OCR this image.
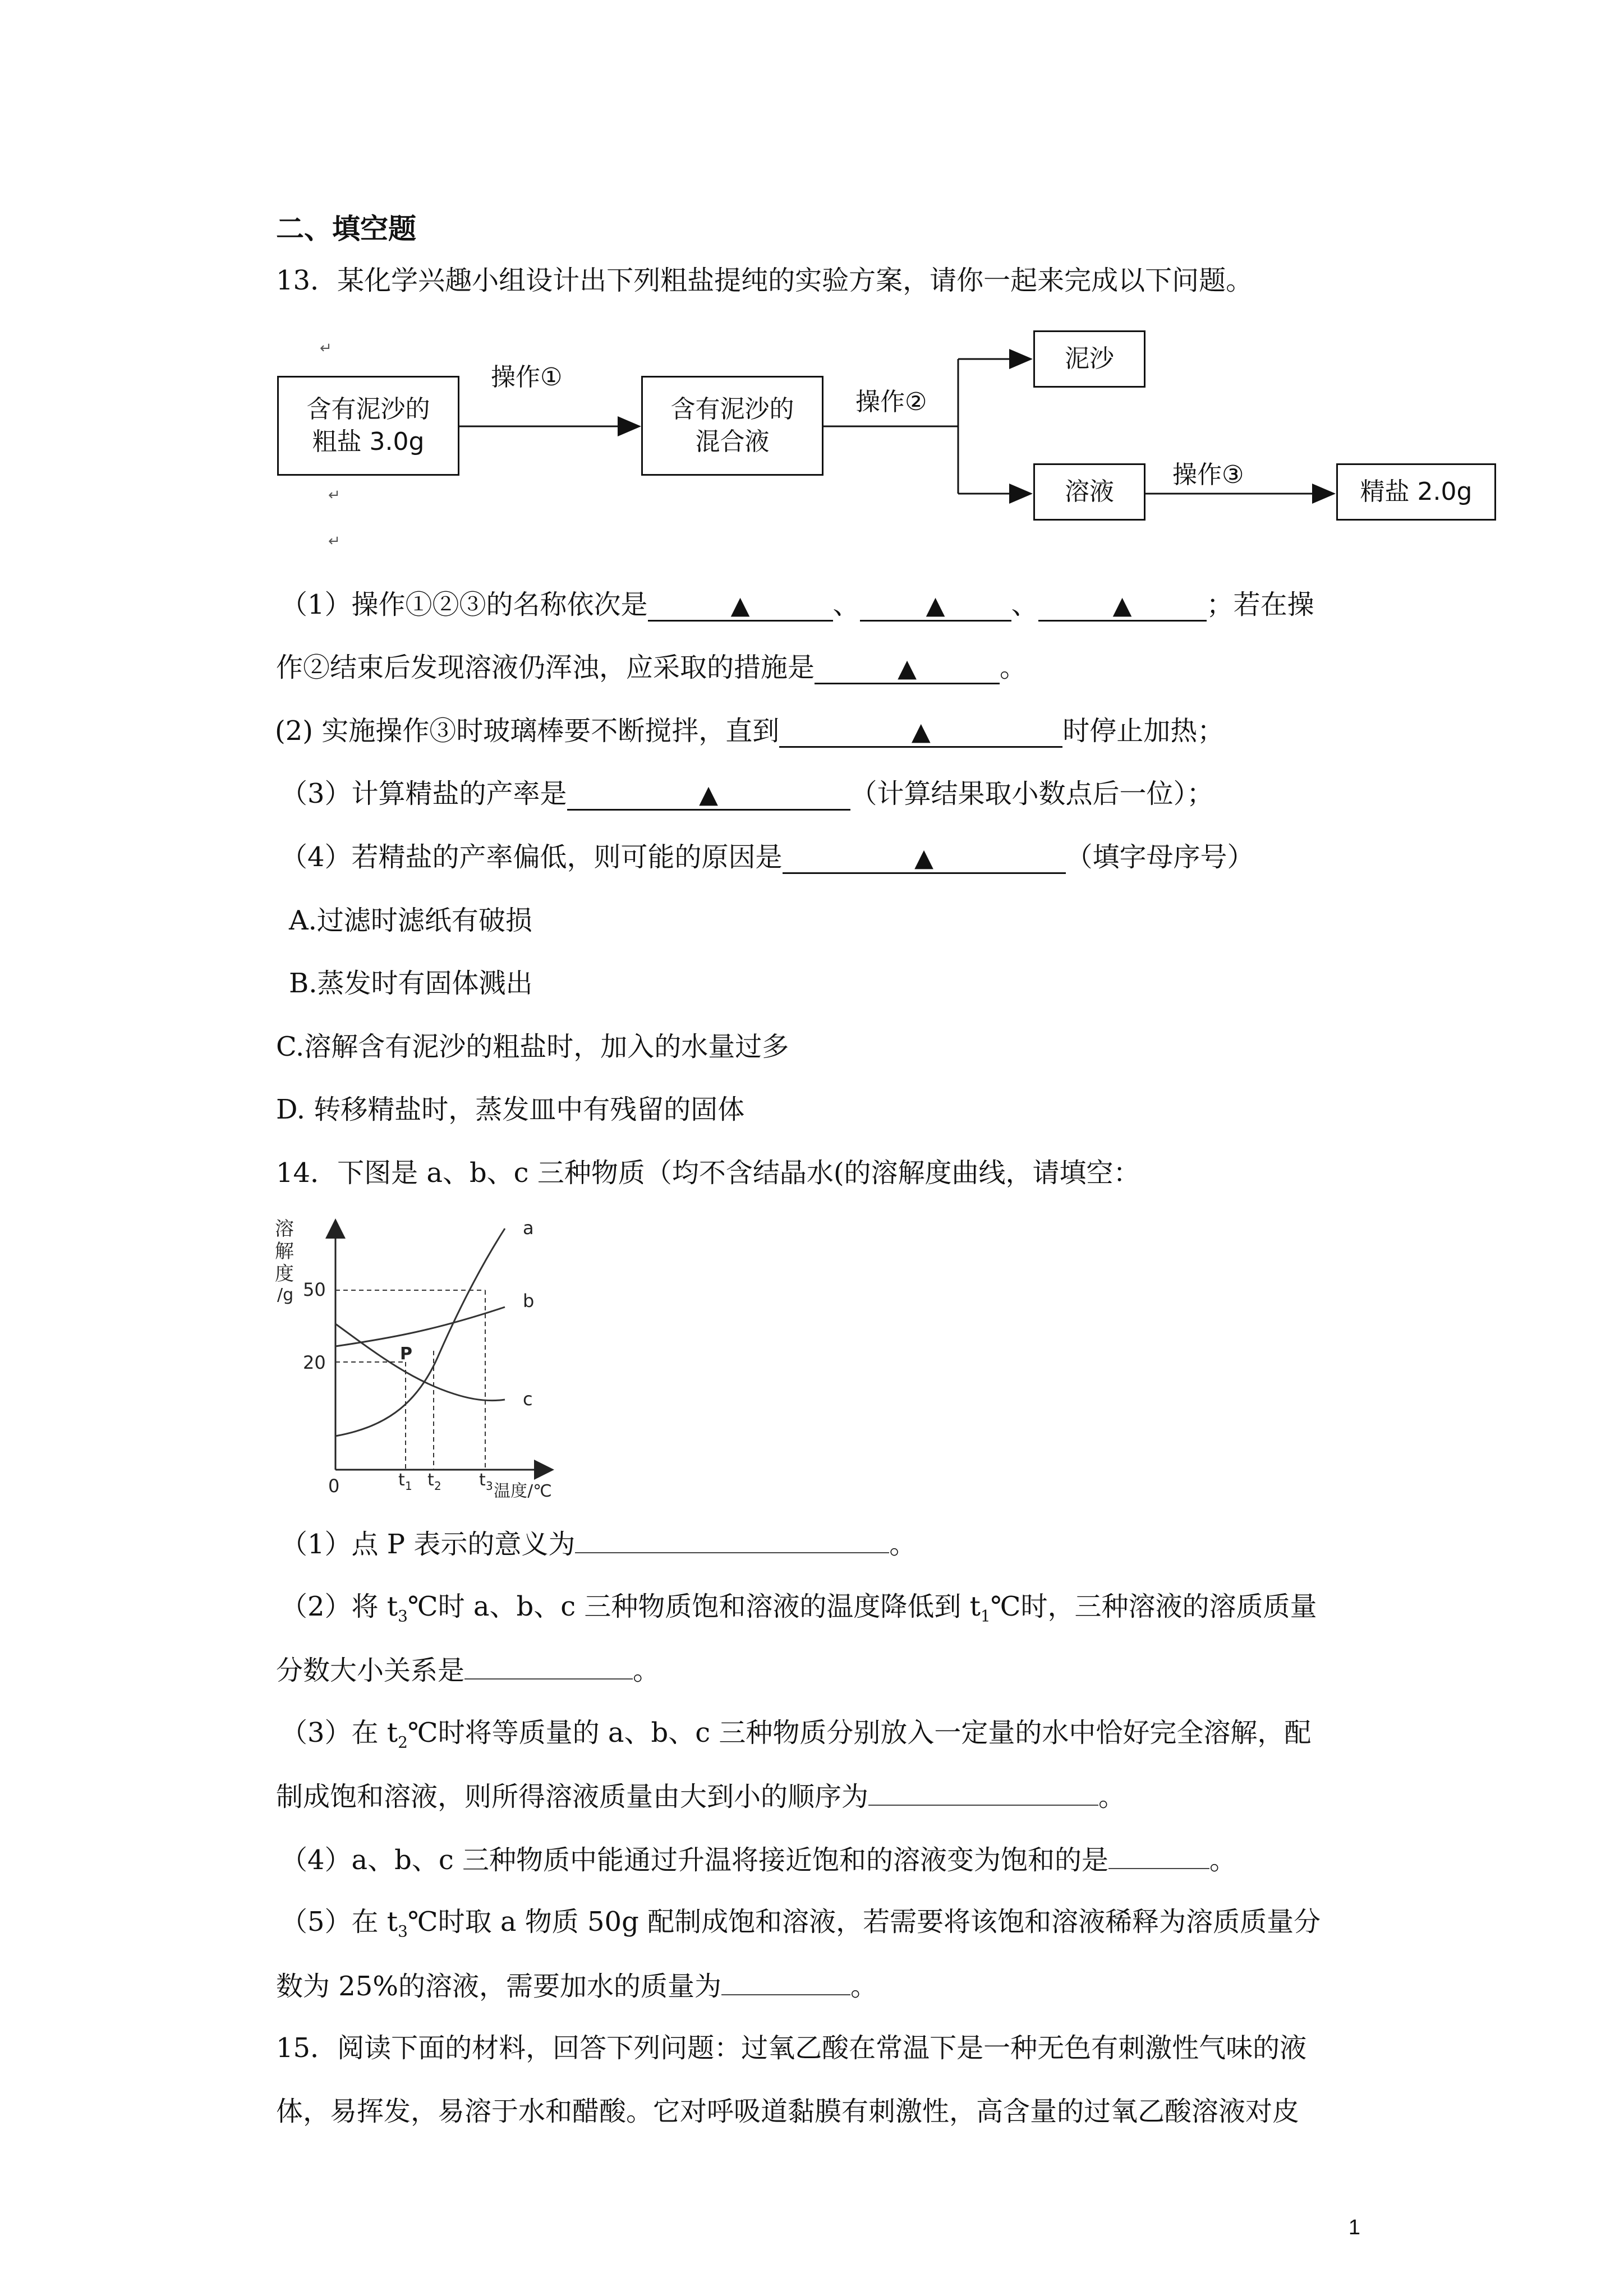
二、填空题
13．某化学兴趣小组设计出下列粗盐提纯的实验方案，请你一起来完成以下问题。
↵
↵
↵
含有泥沙的
粗盐 3.0g
操作①
含有泥沙的
混合液
操作②
泥沙
溶液
操作③
精盐 2.0g
（1）操作①②③的名称依次是	▲	、	▲ 、	▲	；若在操
作②结束后发现溶液仍浑浊，应采取的措施是	▲	。
(2) 实施操作③时玻璃棒要不断搅拌，直到	▲	时停止加热；
（3）计算精盐的产率是	▲	（计算结果取小数点后一位）；
（4）若精盐的产率偏低，则可能的原因是	▲	（填字母序号）
A.过滤时滤纸有破损
B.蒸发时有固体溅出
C.溶解含有泥沙的粗盐时，加入的水量过多
D. 转移精盐时，蒸发皿中有残留的固体
14．下图是 a、b、c 三种物质（均不含结晶水(的溶解度曲线，请填空：
溶
解
度
/g 50
20
0	t 1 t 2 t 3 温度/℃
a
b
c
P
（1）点 P 表示的意义为	。
（2）将 $t_3℃$时 a、b、c 三种物质饱和溶液的温度降低到 $t_1℃$时，三种溶液的溶质质量
分数大小关系是	。
（3）在 $t_2℃$时将等质量的 a、b、c 三种物质分别放入一定量的水中恰好完全溶解，配
制成饱和溶液，则所得溶液质量由大到小的顺序为	。
（4）a、b、c 三种物质中能通过升温将接近饱和的溶液变为饱和的是	。
（5）在 $t_3℃$时取 a 物质 50g 配制成饱和溶液，若需要将该饱和溶液稀释为溶质质量分
数为 25%的溶液，需要加水的质量为	。
15．阅读下面的材料，回答下列问题：过氧乙酸在常温下是一种无色有刺激性气味的液
体，易挥发，易溶于水和醋酸。它对呼吸道黏膜有刺激性，高含量的过氧乙酸溶液对皮
1
